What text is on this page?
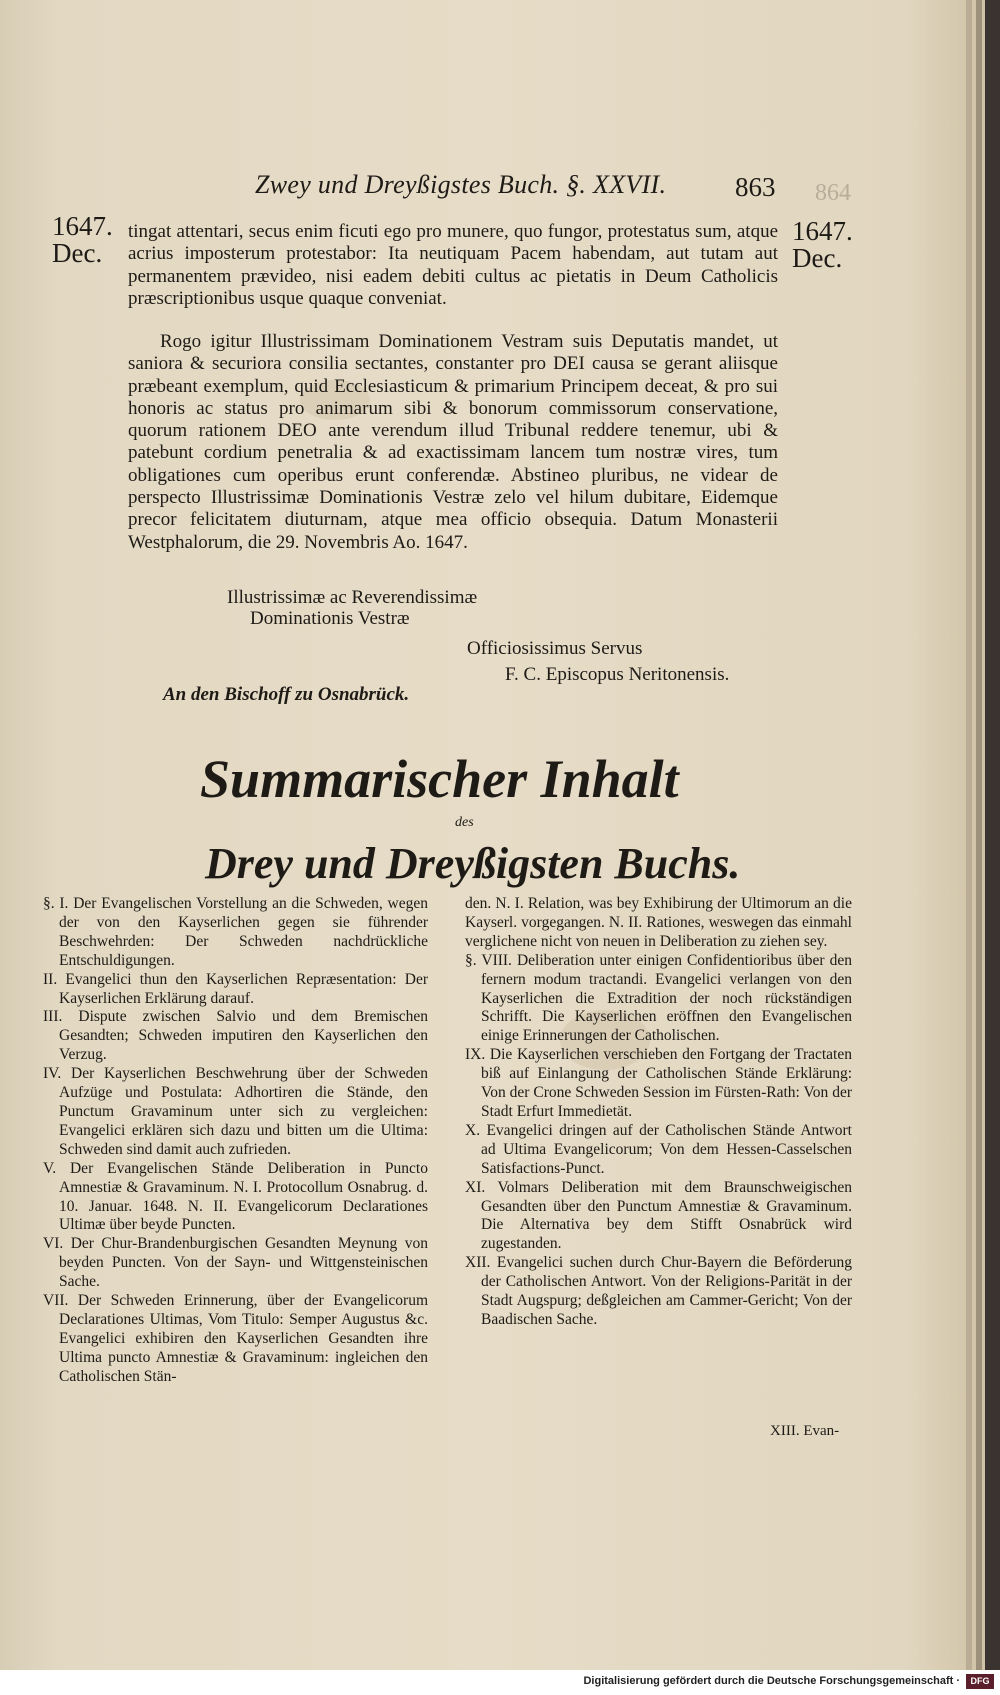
Zwey und Dreyßigstes Buch. §. XXVII.	863 864
1647.
Dec.
1647.
Dec.
tingat attentari, secus enim ficuti ego pro munere, quo fungor, protestatus sum, atque acrius imposterum protestabor: Ita neutiquam Pacem habendam, aut tutam aut permanentem prævideo, nisi eadem debiti cultus ac pietatis in Deum Catholicis præscriptionibus usque quaque conveniat.
Rogo igitur Illustrissimam Dominationem Vestram suis Deputatis mandet, ut saniora & securiora consilia sectantes, constanter pro DEI causa se gerant aliisque præbeant exemplum, quid Ecclesiasticum & primarium Principem deceat, & pro sui honoris ac status pro animarum sibi & bonorum commissorum conservatione, quorum rationem DEO ante verendum illud Tribunal reddere tenemur, ubi & patebunt cordium penetralia & ad exactissimam lancem tum nostræ vires, tum obligationes cum operibus erunt conferendæ. Abstineo pluribus, ne videar de perspecto Illustrissimæ Dominationis Vestræ zelo vel hilum dubitare, Eidemque precor felicitatem diuturnam, atque mea officio obsequia. Datum Monasterii Westphalorum, die 29. Novembris Ao. 1647.
Illustrissimæ ac Reverendissimæ
Dominationis Vestræ
Officiosissimus Servus
F. C. Episcopus Neritonensis.
An den Bischoff zu Osnabrück.
Summarischer Inhalt
des
Drey und Dreyßigsten Buchs.

§. I. Der Evangelischen Vorstellung an die Schweden, wegen der von den Kayserlichen gegen sie führender Beschwehrden: Der Schweden nachdrückliche Entschuldigungen.

II. Evangelici thun den Kayserlichen Repræsentation: Der Kayserlichen Erklärung darauf.

III. Dispute zwischen Salvio und dem Bremischen Gesandten; Schweden imputiren den Kayserlichen den Verzug.

IV. Der Kayserlichen Beschwehrung über der Schweden Aufzüge und Postulata: Adhortiren die Stände, den Punctum Gravaminum unter sich zu vergleichen: Evangelici erklären sich dazu und bitten um die Ultima: Schweden sind damit auch zufrieden.

V. Der Evangelischen Stände Deliberation in Puncto Amnestiæ & Gravaminum. N. I. Protocollum Osnabrug. d. 10. Januar. 1648. N. II. Evangelicorum Declarationes Ultimæ über beyde Puncten.

VI. Der Chur-Brandenburgischen Gesandten Meynung von beyden Puncten. Von der Sayn- und Wittgensteinischen Sache.

VII. Der Schweden Erinnerung, über der Evangelicorum Declarationes Ultimas, Vom Titulo: Semper Augustus &c. Evangelici exhibiren den Kayserlichen Gesandten ihre Ultima puncto Amnestiæ & Gravaminum: ingleichen den Catholischen Stän-

den. N. I. Relation, was bey Exhibirung der Ultimorum an die Kayserl. vorgegangen. N. II. Rationes, weswegen das einmahl verglichene nicht von neuen in Deliberation zu ziehen sey.

§. VIII. Deliberation unter einigen Confidentioribus über den fernern modum tractandi. Evangelici verlangen von den Kayserlichen die Extradition der noch rückständigen Schrifft. Die Kayserlichen eröffnen den Evangelischen einige Erinnerungen der Catholischen.

IX. Die Kayserlichen verschieben den Fortgang der Tractaten biß auf Einlangung der Catholischen Stände Erklärung: Von der Crone Schweden Session im Fürsten-Rath: Von der Stadt Erfurt Immedietät.

X. Evangelici dringen auf der Catholischen Stände Antwort ad Ultima Evangelicorum; Von dem Hessen-Casselschen Satisfactions-Punct.

XI. Volmars Deliberation mit dem Braunschweigischen Gesandten über den Punctum Amnestiæ & Gravaminum. Die Alternativa bey dem Stifft Osnabrück wird zugestanden.

XII. Evangelici suchen durch Chur-Bayern die Beförderung der Catholischen Antwort. Von der Religions-Parität in der Stadt Augspurg; deßgleichen am Cammer-Gericht; Von der Baadischen Sache.

XIII. Evan-
Digitalisierung gefördert durch die Deutsche Forschungsgemeinschaft ·	DFG
